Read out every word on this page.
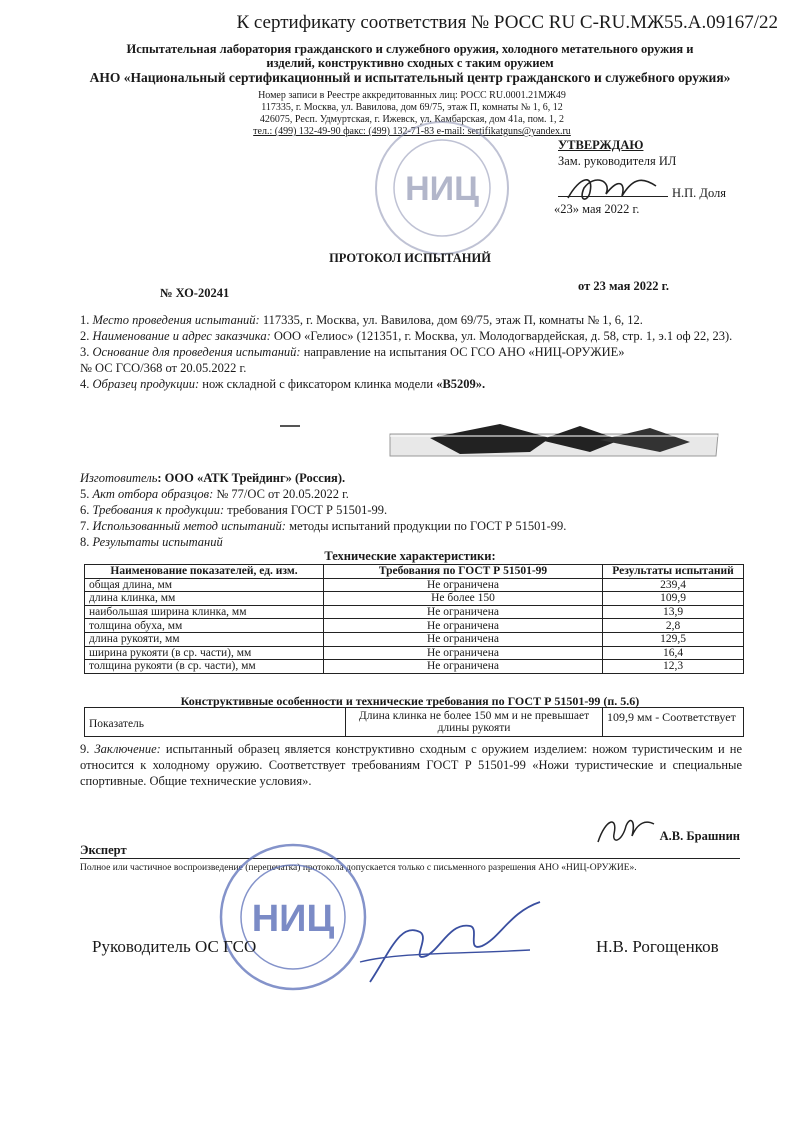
К сертификату соответствия № РОСС RU C-RU.МЖ55.А.09167/22
Испытательная лаборатория гражданского и служебного оружия, холодного метательного оружия и
изделий, конструктивно сходных с таким оружием
АНО «Национальный сертификационный и испытательный центр гражданского и служебного оружия»
Номер записи в Реестре аккредитованных лиц: РОСС RU.0001.21МЖ49
117335, г. Москва, ул. Вавилова, дом 69/75, этаж П, комнаты № 1, 6, 12
426075, Респ. Удмуртская, г. Ижевск, ул. Камбарская, дом 41а, пом. 1, 2
тел.: (499) 132-49-90 факс: (499) 132-71-83 e-mail: sertifikatguns@yandex.ru
НИЦ
УТВЕРЖДАЮ
Зам. руководителя ИЛ
Н.П. Доля
«23» мая 2022 г.
ПРОТОКОЛ ИСПЫТАНИЙ
№ ХО-20241	от 23 мая 2022 г.

1. Место проведения испытаний: 117335, г. Москва, ул. Вавилова, дом 69/75, этаж П, комнаты № 1, 6, 12.

2. Наименование и адрес заказчика: ООО «Гелиос» (121351, г. Москва, ул. Молодогвардейская, д. 58, стр. 1, э.1 оф 22, 23).

3. Основание для проведения испытаний: направление на испытания ОС ГСО АНО «НИЦ-ОРУЖИЕ»

№ ОС ГСО/368 от 20.05.2022 г.

4. Образец продукции: нож складной с фиксатором клинка модели «B5209».

Изготовитель: ООО «АТК Трейдинг» (Россия).

5. Акт отбора образцов: № 77/ОС от 20.05.2022 г.

6. Требования к продукции: требования ГОСТ Р 51501-99.

7. Использованный метод испытаний: методы испытаний продукции по ГОСТ Р 51501-99.

8. Результаты испытаний

Технические характеристики:
Наименование показателей, ед. изм.	Требования по ГОСТ Р 51501-99	Результаты испытаний
общая длина, мм	Не ограничена	239,4
длина клинка, мм	Не более 150	109,9
наибольшая ширина клинка, мм	Не ограничена	13,9
толщина обуха, мм	Не ограничена	2,8
длина рукояти, мм	Не ограничена	129,5
ширина рукояти (в ср. части), мм	Не ограничена	16,4
толщина рукояти (в ср. части), мм	Не ограничена	12,3
Конструктивные особенности и технические требования по ГОСТ Р 51501-99 (п. 5.6)
Показатель	Длина клинка не более 150 мм и не превышает длины рукояти	109,9 мм - Соответствует
9. Заключение: испытанный образец является конструктивно сходным с оружием изделием: ножом туристическим и не относится к холодному оружию. Соответствует требованиям ГОСТ Р 51501-99 «Ножи туристические и специальные спортивные. Общие технические условия».
Эксперт
А.В. Брашнин
Полное или частичное воспроизведение (перепечатка) протокола допускается только с письменного разрешения АНО «НИЦ-ОРУЖИЕ».
НИЦ
Руководитель ОС ГСО	Н.В. Рогощенков
